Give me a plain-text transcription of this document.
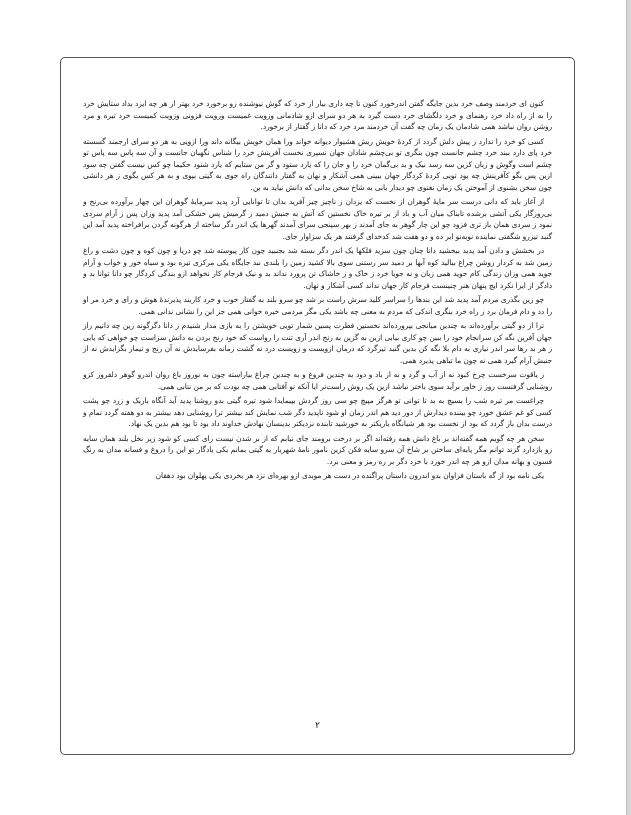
کنون ای خردمند وصف خرد بدین جایگه گفتن اندرخورد کنون تا چه داری بیار از خرد که گوش نیوشنده زو برخورد خرد بهتر از هر چه ایزد بداد ستایش خرد را به از راه داد خرد رهنمای و خرد دلگشای خرد دست گیرد به هر دو سرای ازو شادمانی وزویت غمیست وزویت فزونی وزویت کمیست خرد تیره و مرد روشن روان نباشد همی شادمان یک زمان چه گفت آن خردمند مرد خرد که دانا ز گفتار از برخورد.

کسی کو خرد را ندارد ز پیش دلش گردد از کردهٔ خویش ریش هشیوار دیوانه خواند ورا همان خویش بیگانه داند ورا ازویی به هر دو سرای ارجمند گسسته خرد پای دارد ببند خرد چشم جانست چون بنگری تو بی‌چشم شادان جهان نسپری نخست آفرینش خرد را شناس نگهبان جانست و آن سه پاس سه پاس تو چشم است وگوش و زبان کزین سه رسد نیک و بد بی‌گمان خرد را و جان را که یارد ستود و گر من ستایم که یارد شنود حکیما چو کس نیست گفتن چه سود ازین پس بگو کآفرینش چه بود تویی کردهٔ کردگار جهان ببینی همی آشکار و نهان به گفتار دانندگان راه جوی به گیتی بپوی و به هر کس بگوی ز هر دانشی چون سخن بشنوی از آموختن یک زمان نغنوی چو دیدار یابی به شاخ سخن بدانی که دانش نیاید به بن.

از آغاز باید که دانی درست سر مایهٔ گوهران از نخست که یزدان ز ناچیز چیز آفرید بدان تا توانایی آرد پدید سرمایهٔ گوهران این چهار برآورده بی‌رنج و بی‌روزگار یکی آتشی برشده تابناک میان آب و باد از بر تیره خاک نخستین که آتش به جنبش دمید ز گرمیش پس خشکی آمد پدید وزان پس ز آرام سردی نمود ز سردی همان باز تری فزود چو این چار گوهر به جای آمدند ز بهر سپنجی سرای آمدند گهرها یک اندر دگر ساخته از هرگونه گردن برافراخته پدید آمد این گنبد تیزرو شگفتی نماینده نوبه‌نو ابر ده و دو هفت شد کدخدای گرفتند هر یک سزاوار جای.

در بخشش و دادن آمد پدید ببخشید دانا چنان چون سزید فلکها یک اندر دگر بسته شد بجنبید چون کار پیوسته شد چو دریا و چون کوه و چون دشت و راغ زمین شد به کردار روشن چراغ ببالید کوه آبها بر دمید سر رستنی سوی بالا کشید زمین را بلندی نبد جایگاه یکی مرکزی تیره بود و سیاه خور و خواب و آرام جوید همی وزان زندگی کام جوید همی زبان و نه جویا خرد ز خاک و ز خاشاک تن پرورد نداند بد و نیک فرجام کار نخواهد ازو بندگی کردگار چو دانا توانا بد و دادگر از ایرا نکرد ایچ پنهان هنر چنینست فرجام کار جهان نداند کسی آشکار و نهان.

چو زین بگذری مردم آمد پدید شد این بندها را سراسر کلید سرش راست بر شد چو سرو بلند به گفتار خوب و خرد کاربند پذیرندهٔ هوش و رای و خرد مر او را دد و دام فرمان برد ز راه خرد بنگری اندکی که مردم به معنی چه باشد یکی مگر مردمی خیره خوانی همی جز این را نشانی ندانی همی.

ترا از دو گیتی برآورده‌اند به چندین میانجی بپرورده‌اند نخستین فطرت پسین شمار تویی خویشتن را به بازی مدار شنیدم ز دانا دگرگونه زین چه دانیم راز جهان آفرین نگه کن سرانجام خود را ببین چو کاری بیابی ازین به گزین به رنج اندر آری تنت را رواست که خود رنج بردن به دانش سزاست چو خواهی که یابی ز هر بد رها سر اندر نیاری به دام بلا نگه کن بدین گنبد تیزگرد که درمان ازویست و زویست درد نه گشت زمانه بفرسایدش نه آن رنج و تیمار بگزایدش نه از جنبش آرام گیرد همی نه چون ما تباهی پذیرد همی.

ز یاقوت سرخست چرخ کبود نه از آب و گرد و نه از باد و دود به چندین فروغ و به چندین چراغ بیاراسته چون به نوروز باغ روان اندرو گوهر دلفروز کزو روشنایی گرفتست روز ز خاور برآید سوی باختر نباشد ازین یک روش راست‌تر ایا آنکه تو آفتابی همی چه بودت که بر من نتابی همی.

چراغست مر تیره شب را بسیچ به بد تا توانی تو هرگز مپیچ چو سی روز گردش بپیمایدا شود تیره گیتی بدو روشنا پدید آید آنگاه باریک و زرد چو پشت کسی کو غم عشق خورد چو بیننده دیدارش از دور دید هم اندر زمان او شود ناپدید دگر شب نمایش کند بیشتر ترا روشنایی دهد بیشتر به دو هفته گردد تمام و درست بدان باز گردد که بود از نخست بود هر شبانگاه باریکتر به خورشید تابنده نزدیکتر بدینسان نهادش خداوند داد بود تا بود هم بدین یک نهاد.

سخن هر چه گویم همه گفته‌اند بر باغ دانش همه رفته‌اند اگر بر درخت برومند جای نیابم که از بر شدن نیست رای کسی کو شود زیر نخل بلند همان سایه زو بازدارد گزند توانم مگر پایه‌ای ساختن بر شاخ آن سرو سایه فکن کزین نامور نامهٔ شهریار به گیتی بمانم یکی یادگار تو این را دروغ و فسانه مدان به رنگ فسون و بهانه مدان ازو هر چه اندر خورد با خرد دگر بر ره رمز و معنی برد.

یکی نامه بود از گه باستان فراوان بدو اندرون داستان پراگنده در دست هر موبدی ازو بهره‌ای نزد هر بخردی یکی پهلوان بود دهقان

۲
